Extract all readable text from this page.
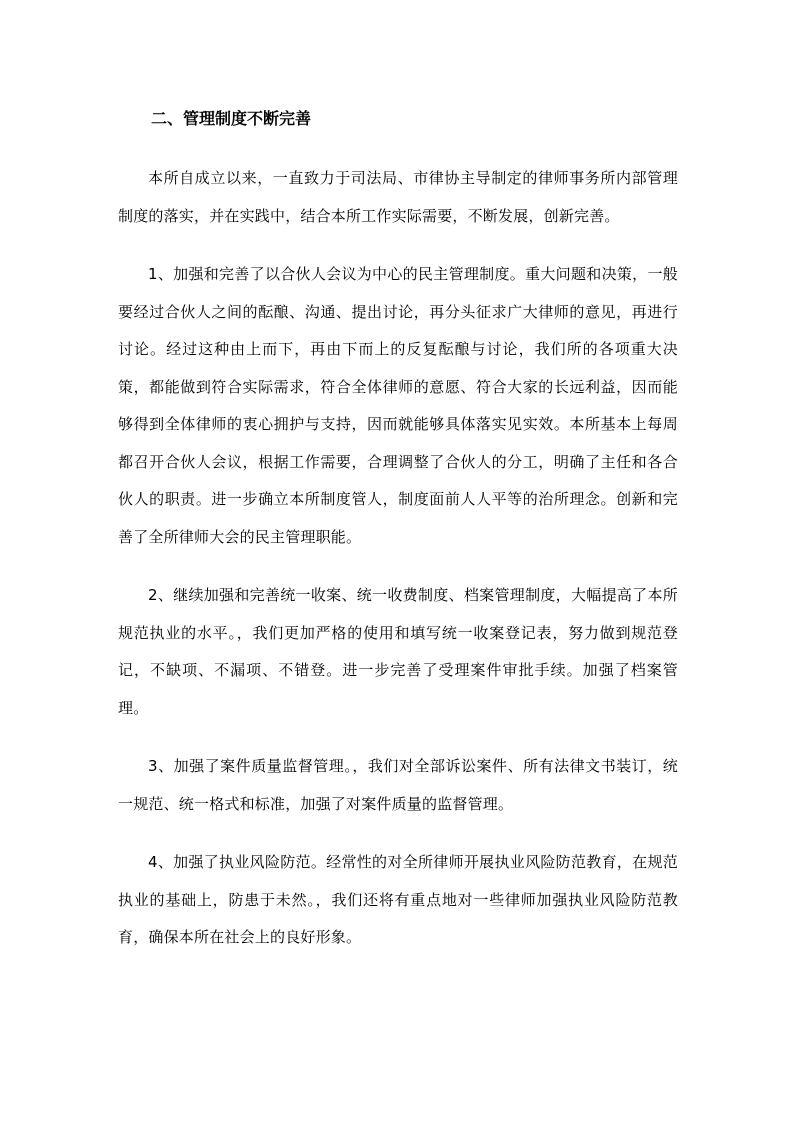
二、管理制度不断完善

本所自成立以来，一直致力于司法局、市律协主导制定的律师事务所内部管理制度的落实，并在实践中，结合本所工作实际需要，不断发展，创新完善。

1、加强和完善了以合伙人会议为中心的民主管理制度。重大问题和决策，一般要经过合伙人之间的酝酿、沟通、提出讨论，再分头征求广大律师的意见，再进行讨论。经过这种由上而下，再由下而上的反复酝酿与讨论，我们所的各项重大决策，都能做到符合实际需求，符合全体律师的意愿、符合大家的长远利益，因而能够得到全体律师的衷心拥护与支持，因而就能够具体落实见实效。本所基本上每周都召开合伙人会议，根据工作需要，合理调整了合伙人的分工，明确了主任和各合伙人的职责。进一步确立本所制度管人，制度面前人人平等的治所理念。创新和完善了全所律师大会的民主管理职能。

2、继续加强和完善统一收案、统一收费制度、档案管理制度，大幅提高了本所规范执业的水平。，我们更加严格的使用和填写统一收案登记表，努力做到规范登记，不缺项、不漏项、不错登。进一步完善了受理案件审批手续。加强了档案管理。

3、加强了案件质量监督管理。，我们对全部诉讼案件、所有法律文书装订，统一规范、统一格式和标准，加强了对案件质量的监督管理。

4、加强了执业风险防范。经常性的对全所律师开展执业风险防范教育，在规范执业的基础上，防患于未然。，我们还将有重点地对一些律师加强执业风险防范教育，确保本所在社会上的良好形象。
